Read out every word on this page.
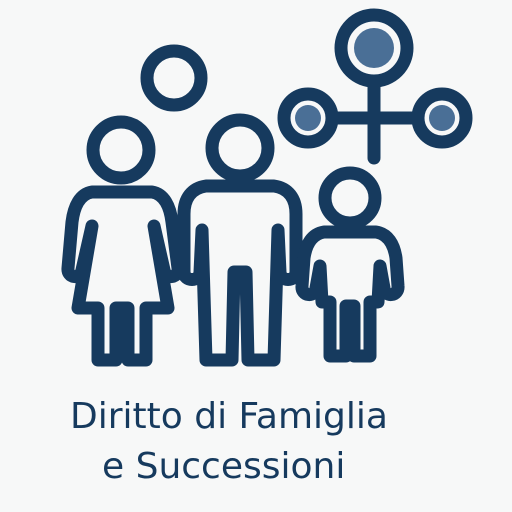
Diritto di Famiglia
e Successioni
